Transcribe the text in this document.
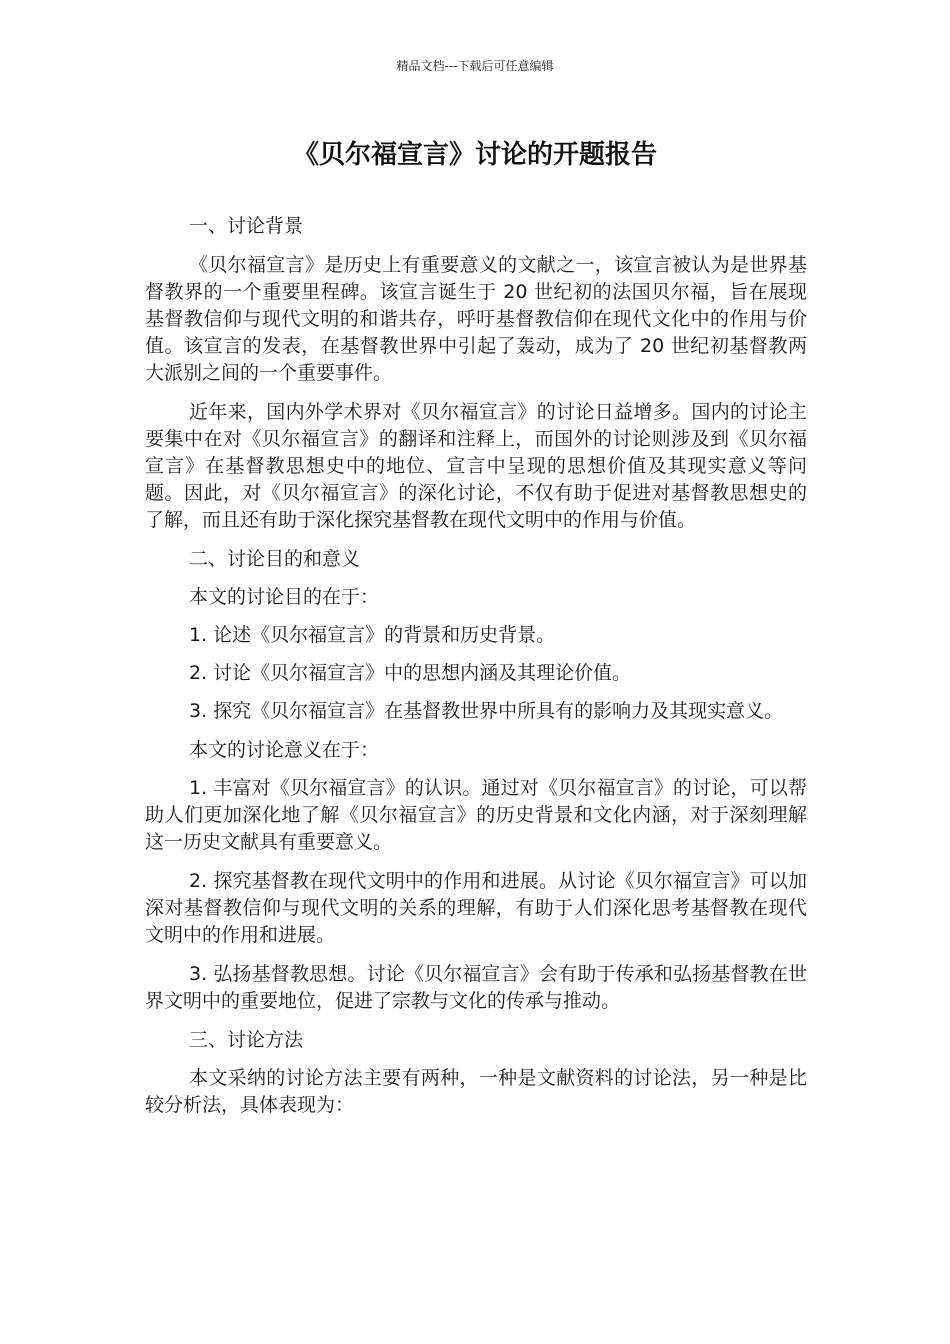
精品文档---下载后可任意编辑
《贝尔福宣言》讨论的开题报告

一、讨论背景

《贝尔福宣言》是历史上有重要意义的文献之一，该宣言被认为是世界基督教界的一个重要里程碑。该宣言诞生于 20 世纪初的法国贝尔福，旨在展现基督教信仰与现代文明的和谐共存，呼吁基督教信仰在现代文化中的作用与价值。该宣言的发表，在基督教世界中引起了轰动，成为了 20 世纪初基督教两大派别之间的一个重要事件。

近年来，国内外学术界对《贝尔福宣言》的讨论日益增多。国内的讨论主要集中在对《贝尔福宣言》的翻译和注释上，而国外的讨论则涉及到《贝尔福宣言》在基督教思想史中的地位、宣言中呈现的思想价值及其现实意义等问题。因此，对《贝尔福宣言》的深化讨论，不仅有助于促进对基督教思想史的了解，而且还有助于深化探究基督教在现代文明中的作用与价值。

二、讨论目的和意义

本文的讨论目的在于：

1. 论述《贝尔福宣言》的背景和历史背景。

2. 讨论《贝尔福宣言》中的思想内涵及其理论价值。

3. 探究《贝尔福宣言》在基督教世界中所具有的影响力及其现实意义。

本文的讨论意义在于：

1. 丰富对《贝尔福宣言》的认识。通过对《贝尔福宣言》的讨论，可以帮助人们更加深化地了解《贝尔福宣言》的历史背景和文化内涵，对于深刻理解这一历史文献具有重要意义。

2. 探究基督教在现代文明中的作用和进展。从讨论《贝尔福宣言》可以加深对基督教信仰与现代文明的关系的理解，有助于人们深化思考基督教在现代文明中的作用和进展。

3. 弘扬基督教思想。讨论《贝尔福宣言》会有助于传承和弘扬基督教在世界文明中的重要地位，促进了宗教与文化的传承与推动。

三、讨论方法

本文采纳的讨论方法主要有两种，一种是文献资料的讨论法，另一种是比较分析法，具体表现为：
